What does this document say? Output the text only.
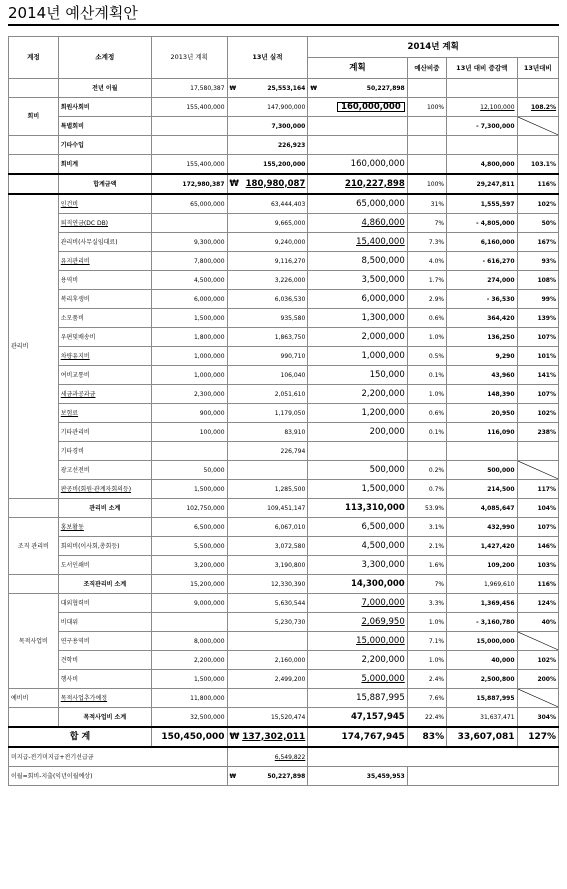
2014년 예산계획안
계정	소계정	2013년 계획	13년 실적	2014년 계획			
				계획	예산비중	13년 대비 증감액	13년대비
	전년 이월	17,580,387	₩ 25,553,164	₩ 50,227,898			
회비	회원사회비	155,400,000	147,900,000	160,000,000	100%	12,100,000	108.2%
	특별회비		7,300,000			- 7,300,000	

	기타수입		226,923				
	회비계	155,400,000	155,200,000	160,000,000		4,800,000	103.1%
	합계금액	172,980,387	₩ 180,980,087	210,227,898	100%	29,247,811	116%
관리비	인건비	65,000,000	63,444,403	65,000,000	31%	1,555,597	102%
	퇴직연금(DC DB)		9,665,000	4,860,000	7%	- 4,805,000	50%
	관리비(사무실임대료)	9,300,000	9,240,000	15,400,000	7.3%	6,160,000	167%
	유지관리비	7,800,000	9,116,270	8,500,000	4.0%	- 616,270	93%
	용역비	4,500,000	3,226,000	3,500,000	1.7%	274,000	108%
	복리후생비	6,000,000	6,036,530	6,000,000	2.9%	- 36,530	99%
	소모품비	1,500,000	935,580	1,300,000	0.6%	364,420	139%
	우편및배송비	1,800,000	1,863,750	2,000,000	1.0%	136,250	107%
	차량유지비	1,000,000	990,710	1,000,000	0.5%	9,290	101%
	여비교통비	1,000,000	106,040	150,000	0.1%	43,960	141%
	세금과공과금	2,300,000	2,051,610	2,200,000	1.0%	148,390	107%
	보험료	900,000	1,179,050	1,200,000	0.6%	20,950	102%
	기타관리비	100,000	83,910	200,000	0.1%	116,090	238%
	기타경비		226,794				
	광고선전비	50,000		500,000	0.2%	500,000	

	판공비(회원·관계자회의등)	1,500,000	1,285,500	1,500,000	0.7%	214,500	117%
	관리비 소계	102,750,000	109,451,147	113,310,000	53.9%	4,085,647	104%
조직 관리비	홍보활동	6,500,000	6,067,010	6,500,000	3.1%	432,990	107%
	회의비(이사회,총회등)	5,500,000	3,072,580	4,500,000	2.1%	1,427,420	146%
	도서인쇄비	3,200,000	3,190,800	3,300,000	1.6%	109,200	103%
	조직관리비 소계	15,200,000	12,330,390	14,300,000	7%	1,969,610	116%
목적사업비	대외협력비	9,000,000	5,630,544	7,000,000	3.3%	1,369,456	124%
	비대위		5,230,730	2,069,950	1.0%	- 3,160,780	40%
	연구용역비	8,000,000		15,000,000	7.1%	15,000,000	

	견학비	2,200,000	2,160,000	2,200,000	1.0%	40,000	102%
	행사비	1,500,000	2,499,200	5,000,000	2.4%	2,500,800	200%
예비비	목적사업추가예정	11,800,000		15,887,995	7.6%	15,887,995	

	목적사업비 소계	32,500,000	15,520,474	47,157,945	22.4%	31,637,471	304%
합 계		150,450,000	₩ 137,302,011	174,767,945	83%	33,607,081	127%
미지급-전기미지급+전기선급금			6,549,822				
이월=회비-지출(익년이월예상)			₩ 50,227,898	35,459,953			
